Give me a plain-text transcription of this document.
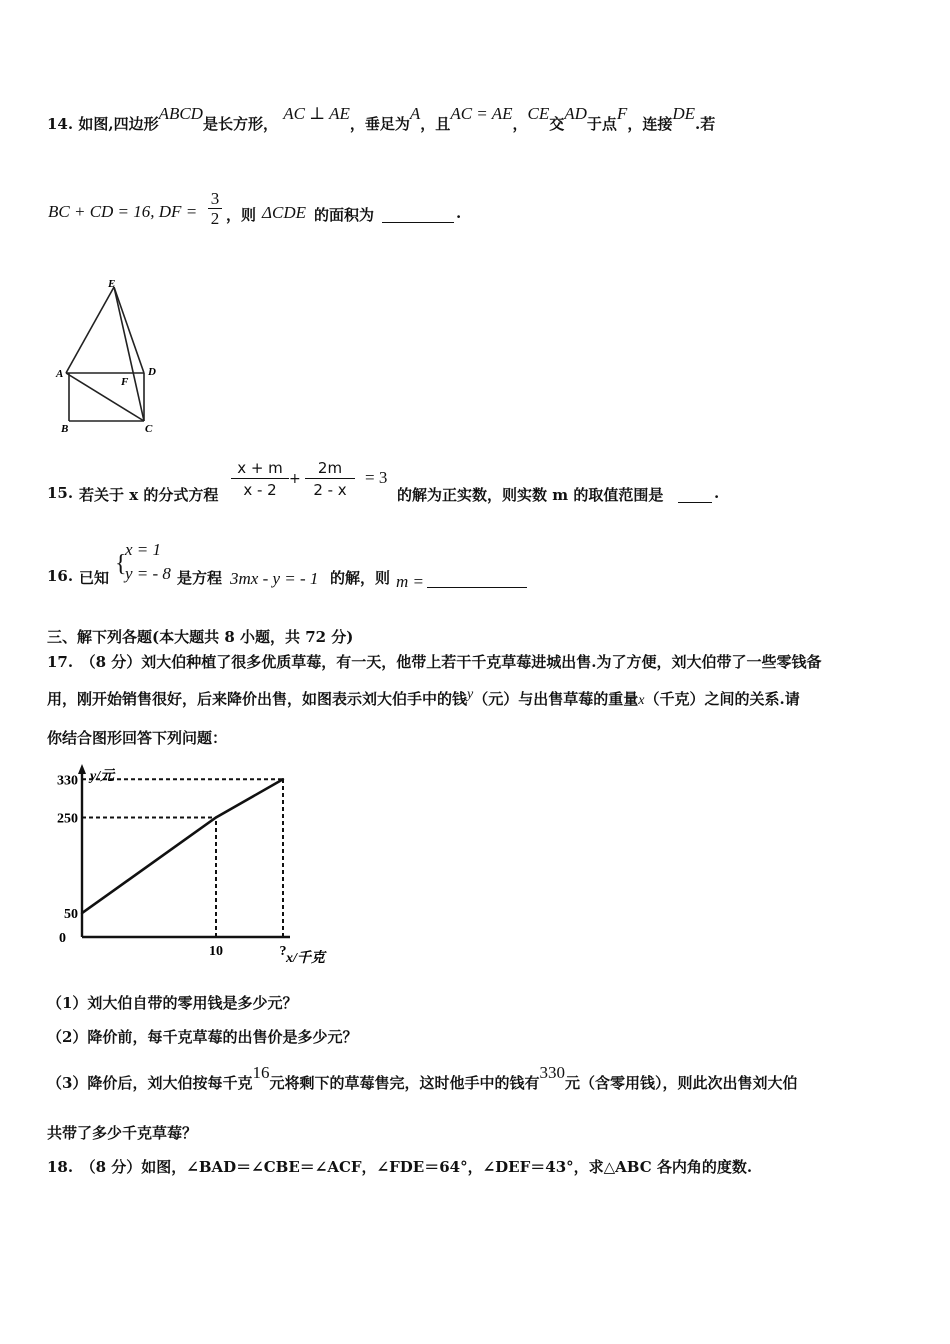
14. 如图,四边形ABCD是长方形， AC ⊥ AE，垂足为A，且AC = AE，CE交AD于点F，连接DE.若
BC + CD = 16, DF =
3
2 ，则 ΔCDE 的面积为	.
E
A	D
F
B	C
15. 若关于 x 的分式方程
x + m
x - 2
+
2m
2 - x
= 3
的解为正实数，则实数 m 的取值范围是	.
16. 已知
{
x = 1
y = - 8 是方程 3mx - y = - 1 的解，则 m =
三、解下列各题(本大题共 8 小题，共 72 分)
17.　（8 分）刘大伯种植了很多优质草莓，有一天，他带上若干千克草莓进城出售.为了方便，刘大伯带了一些零钱备
用，刚开始销售很好，后来降价出售，如图表示刘大伯手中的钱y（元）与出售草莓的重量x（千克）之间的关系.请
你结合图形回答下列问题：
50
250
330
0
10	?
y/元
x/千克
（1）刘大伯自带的零用钱是多少元？
（2）降价前，每千克草莓的出售价是多少元？
（3）降价后，刘大伯按每千克16元将剩下的草莓售完，这时他手中的钱有330元（含零用钱），则此次出售刘大伯
共带了多少千克草莓？
18.　（8 分）如图，∠BAD＝∠CBE＝∠ACF，∠FDE＝64°，∠DEF＝43°，求△ABC 各内角的度数.
